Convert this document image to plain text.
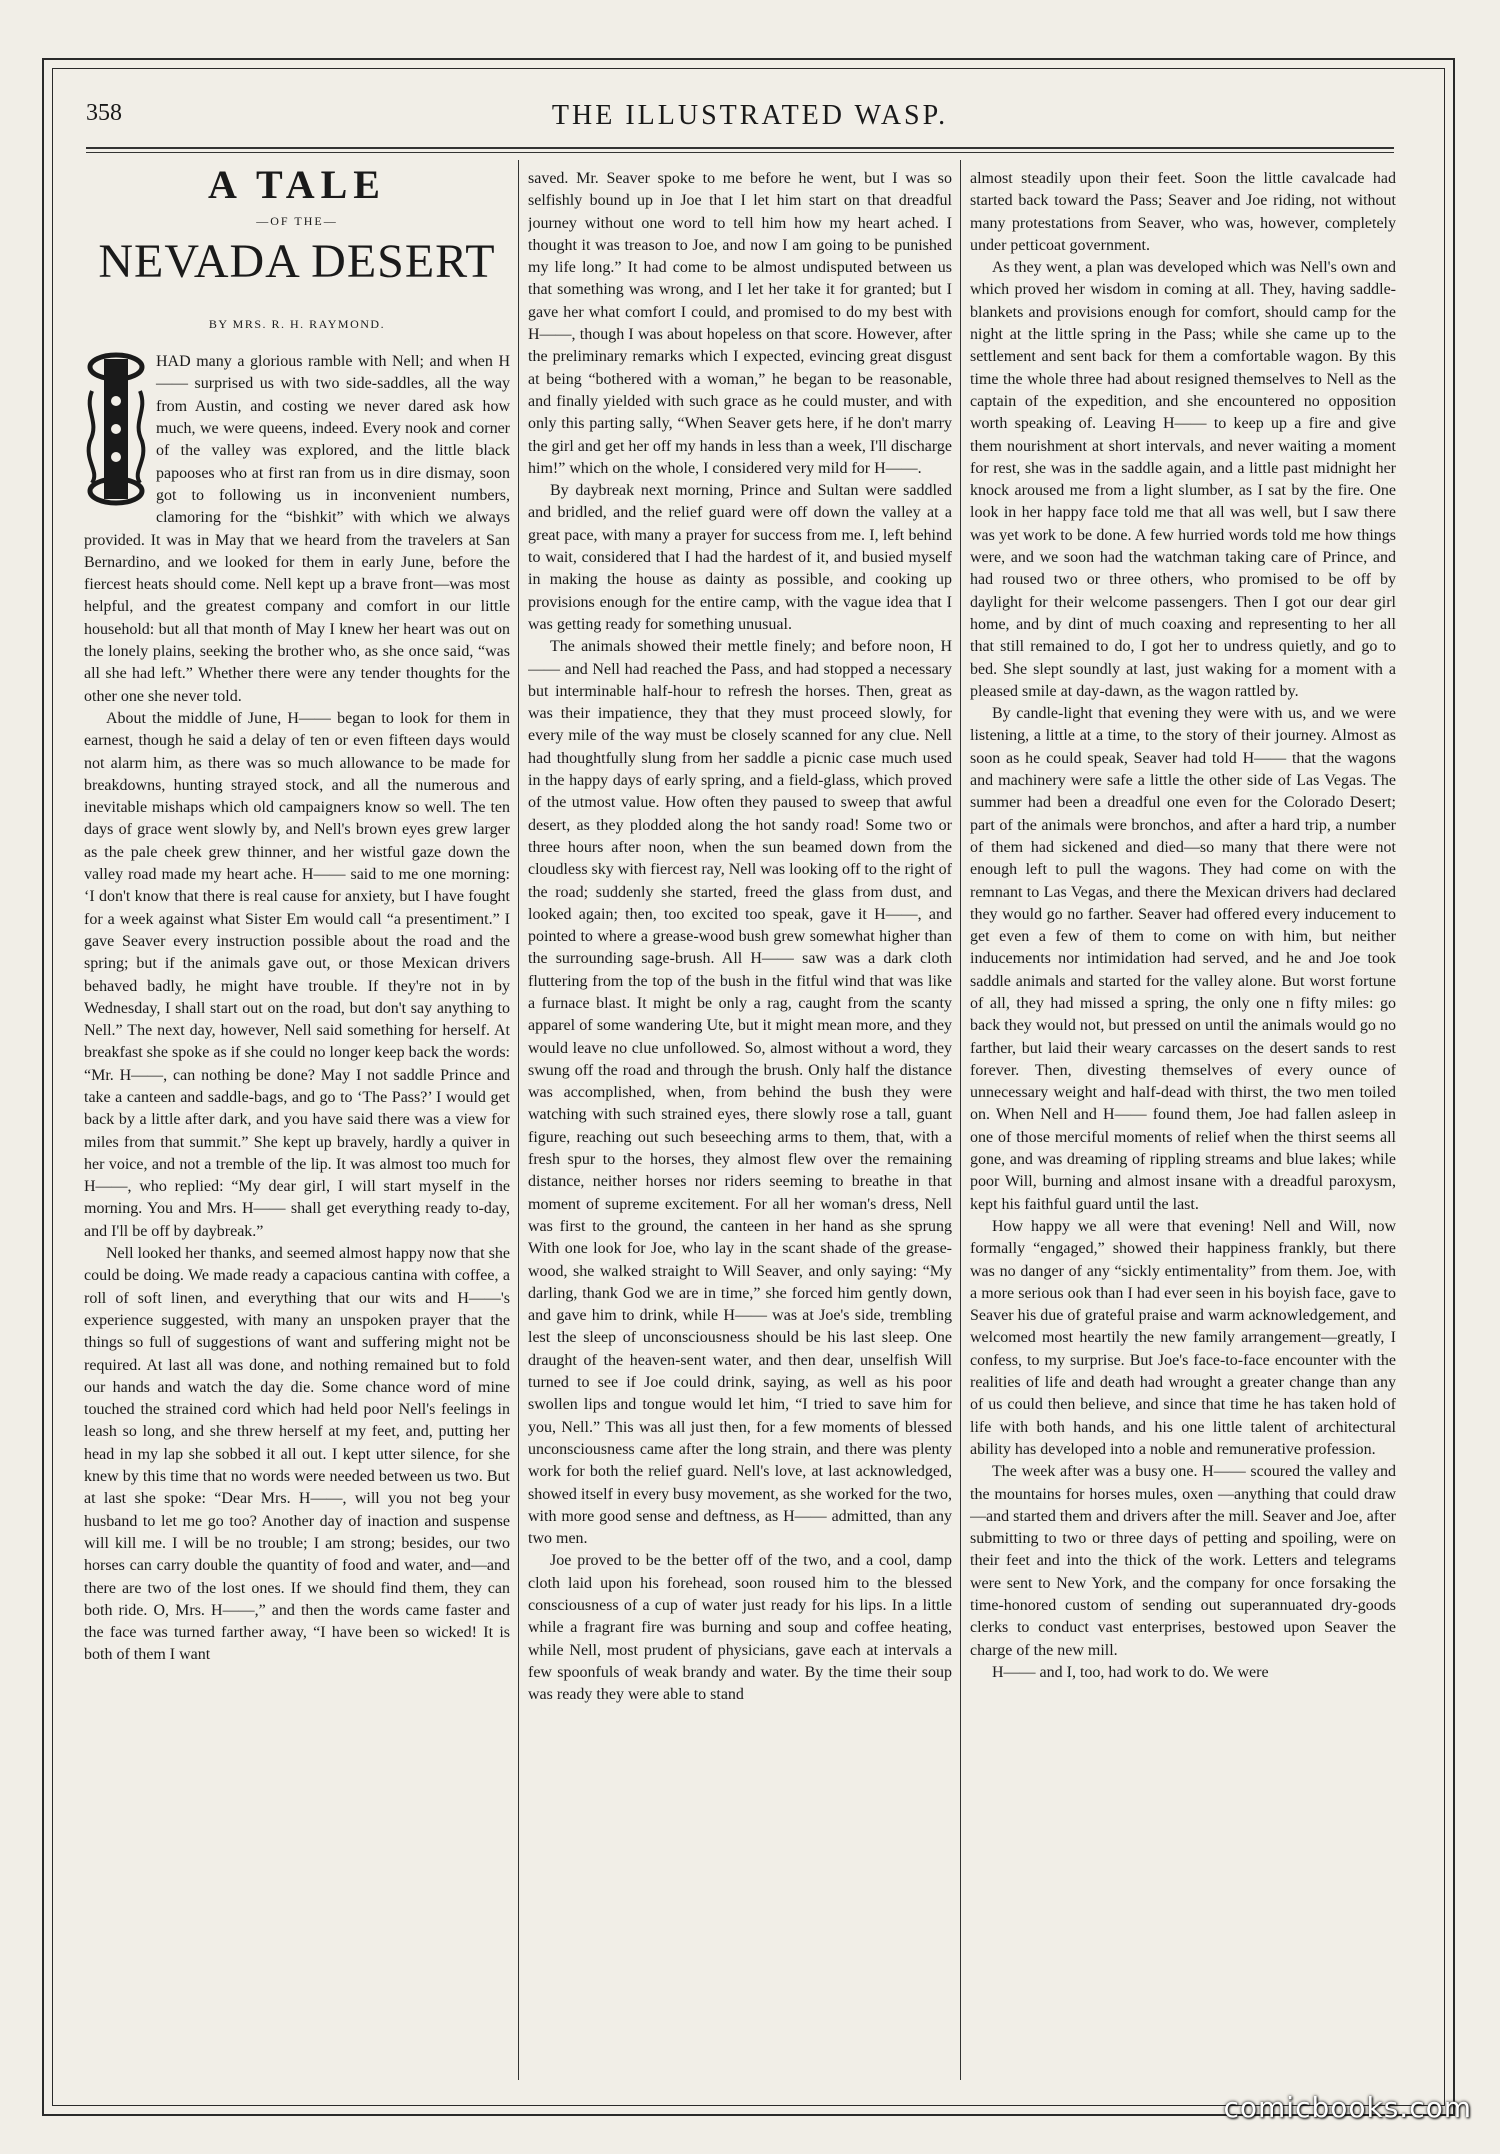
358	THE ILLUSTRATED WASP.
A TALE
—OF THE—
NEVADA DESERT
BY MRS. R. H. RAYMOND.

HAD many a glorious ramble with Nell; and when H—— surprised us with two side-saddles, all the way from Austin, and costing we never dared ask how much, we were queens, indeed. Every nook and corner of the valley was explored, and the little black papooses who at first ran from us in dire dismay, soon got to following us in inconvenient numbers, clamoring for the “bishkit” with which we always provided. It was in May that we heard from the travelers at San Bernardino, and we looked for them in early June, before the fiercest heats should come. Nell kept up a brave front—was most helpful, and the greatest company and comfort in our little household: but all that month of May I knew her heart was out on the lonely plains, seeking the brother who, as she once said, “was all she had left.” Whether there were any tender thoughts for the other one she never told.

About the middle of June, H—— began to look for them in earnest, though he said a delay of ten or even fifteen days would not alarm him, as there was so much allowance to be made for breakdowns, hunting strayed stock, and all the numerous and inevitable mishaps which old campaigners know so well. The ten days of grace went slowly by, and Nell's brown eyes grew larger as the pale cheek grew thinner, and her wistful gaze down the valley road made my heart ache. H—— said to me one morning: ‘I don't know that there is real cause for anxiety, but I have fought for a week against what Sister Em would call “a presentiment.” I gave Seaver every instruction possible about the road and the spring; but if the animals gave out, or those Mexican drivers behaved badly, he might have trouble. If they're not in by Wednesday, I shall start out on the road, but don't say anything to Nell.” The next day, however, Nell said something for herself. At breakfast she spoke as if she could no longer keep back the words: “Mr. H——, can nothing be done? May I not saddle Prince and take a canteen and saddle-bags, and go to ‘The Pass?’ I would get back by a little after dark, and you have said there was a view for miles from that summit.” She kept up bravely, hardly a quiver in her voice, and not a tremble of the lip. It was almost too much for H——, who replied: “My dear girl, I will start myself in the morning. You and Mrs. H—— shall get everything ready to-day, and I'll be off by daybreak.”

Nell looked her thanks, and seemed almost happy now that she could be doing. We made ready a capacious cantina with coffee, a roll of soft linen, and everything that our wits and H——'s experience suggested, with many an unspoken prayer that the things so full of suggestions of want and suffering might not be required. At last all was done, and nothing remained but to fold our hands and watch the day die. Some chance word of mine touched the strained cord which had held poor Nell's feelings in leash so long, and she threw herself at my feet, and, putting her head in my lap she sobbed it all out. I kept utter silence, for she knew by this time that no words were needed between us two. But at last she spoke: “Dear Mrs. H——, will you not beg your husband to let me go too? Another day of inaction and suspense will kill me. I will be no trouble; I am strong; besides, our two horses can carry double the quantity of food and water, and—and there are two of the lost ones. If we should find them, they can both ride. O, Mrs. H——,” and then the words came faster and the face was turned farther away, “I have been so wicked! It is both of them I want

saved. Mr. Seaver spoke to me before he went, but I was so selfishly bound up in Joe that I let him start on that dreadful journey without one word to tell him how my heart ached. I thought it was treason to Joe, and now I am going to be punished my life long.” It had come to be almost undisputed between us that something was wrong, and I let her take it for granted; but I gave her what comfort I could, and promised to do my best with H——, though I was about hopeless on that score. However, after the preliminary remarks which I expected, evincing great disgust at being “bothered with a woman,” he began to be reasonable, and finally yielded with such grace as he could muster, and with only this parting sally, “When Seaver gets here, if he don't marry the girl and get her off my hands in less than a week, I'll discharge him!” which on the whole, I considered very mild for H——.

By daybreak next morning, Prince and Sultan were saddled and bridled, and the relief guard were off down the valley at a great pace, with many a prayer for success from me. I, left behind to wait, considered that I had the hardest of it, and busied myself in making the house as dainty as possible, and cooking up provisions enough for the entire camp, with the vague idea that I was getting ready for something unusual.

The animals showed their mettle finely; and before noon, H—— and Nell had reached the Pass, and had stopped a necessary but interminable half-hour to refresh the horses. Then, great as was their impatience, they that they must proceed slowly, for every mile of the way must be closely scanned for any clue. Nell had thoughtfully slung from her saddle a picnic case much used in the happy days of early spring, and a field-glass, which proved of the utmost value. How often they paused to sweep that awful desert, as they plodded along the hot sandy road! Some two or three hours after noon, when the sun beamed down from the cloudless sky with fiercest ray, Nell was looking off to the right of the road; suddenly she started, freed the glass from dust, and looked again; then, too excited too speak, gave it H——, and pointed to where a grease-wood bush grew somewhat higher than the surrounding sage-brush. All H—— saw was a dark cloth fluttering from the top of the bush in the fitful wind that was like a furnace blast. It might be only a rag, caught from the scanty apparel of some wandering Ute, but it might mean more, and they would leave no clue unfollowed. So, almost without a word, they swung off the road and through the brush. Only half the distance was accomplished, when, from behind the bush they were watching with such strained eyes, there slowly rose a tall, guant figure, reaching out such beseeching arms to them, that, with a fresh spur to the horses, they almost flew over the remaining distance, neither horses nor riders seeming to breathe in that moment of supreme excitement. For all her woman's dress, Nell was first to the ground, the canteen in her hand as she sprung With one look for Joe, who lay in the scant shade of the grease-wood, she walked straight to Will Seaver, and only saying: “My darling, thank God we are in time,” she forced him gently down, and gave him to drink, while H—— was at Joe's side, trembling lest the sleep of unconsciousness should be his last sleep. One draught of the heaven-sent water, and then dear, unselfish Will turned to see if Joe could drink, saying, as well as his poor swollen lips and tongue would let him, “I tried to save him for you, Nell.” This was all just then, for a few moments of blessed unconsciousness came after the long strain, and there was plenty work for both the relief guard. Nell's love, at last acknowledged, showed itself in every busy movement, as she worked for the two, with more good sense and deftness, as H—— admitted, than any two men.

Joe proved to be the better off of the two, and a cool, damp cloth laid upon his forehead, soon roused him to the blessed consciousness of a cup of water just ready for his lips. In a little while a fragrant fire was burning and soup and coffee heating, while Nell, most prudent of physicians, gave each at intervals a few spoonfuls of weak brandy and water. By the time their soup was ready they were able to stand

almost steadily upon their feet. Soon the little cavalcade had started back toward the Pass; Seaver and Joe riding, not without many protestations from Seaver, who was, however, completely under petticoat government.

As they went, a plan was developed which was Nell's own and which proved her wisdom in coming at all. They, having saddle-blankets and provisions enough for comfort, should camp for the night at the little spring in the Pass; while she came up to the settlement and sent back for them a comfortable wagon. By this time the whole three had about resigned themselves to Nell as the captain of the expedition, and she encountered no opposition worth speaking of. Leaving H—— to keep up a fire and give them nourishment at short intervals, and never waiting a moment for rest, she was in the saddle again, and a little past midnight her knock aroused me from a light slumber, as I sat by the fire. One look in her happy face told me that all was well, but I saw there was yet work to be done. A few hurried words told me how things were, and we soon had the watchman taking care of Prince, and had roused two or three others, who promised to be off by daylight for their welcome passengers. Then I got our dear girl home, and by dint of much coaxing and representing to her all that still remained to do, I got her to undress quietly, and go to bed. She slept soundly at last, just waking for a moment with a pleased smile at day-dawn, as the wagon rattled by.

By candle-light that evening they were with us, and we were listening, a little at a time, to the story of their journey. Almost as soon as he could speak, Seaver had told H—— that the wagons and machinery were safe a little the other side of Las Vegas. The summer had been a dreadful one even for the Colorado Desert; part of the animals were bronchos, and after a hard trip, a number of them had sickened and died—so many that there were not enough left to pull the wagons. They had come on with the remnant to Las Vegas, and there the Mexican drivers had declared they would go no farther. Seaver had offered every inducement to get even a few of them to come on with him, but neither inducements nor intimidation had served, and he and Joe took saddle animals and started for the valley alone. But worst fortune of all, they had missed a spring, the only one n fifty miles: go back they would not, but pressed on until the animals would go no farther, but laid their weary carcasses on the desert sands to rest forever. Then, divesting themselves of every ounce of unnecessary weight and half-dead with thirst, the two men toiled on. When Nell and H—— found them, Joe had fallen asleep in one of those merciful moments of relief when the thirst seems all gone, and was dreaming of rippling streams and blue lakes; while poor Will, burning and almost insane with a dreadful paroxysm, kept his faithful guard until the last.

How happy we all were that evening! Nell and Will, now formally “engaged,” showed their happiness frankly, but there was no danger of any “sickly entimentality” from them. Joe, with a more serious ook than I had ever seen in his boyish face, gave to Seaver his due of grateful praise and warm acknowledgement, and welcomed most heartily the new family arrangement—greatly, I confess, to my surprise. But Joe's face-to-face encounter with the realities of life and death had wrought a greater change than any of us could then believe, and since that time he has taken hold of life with both hands, and his one little talent of architectural ability has developed into a noble and remunerative profession.

The week after was a busy one. H—— scoured the valley and the mountains for horses mules, oxen —anything that could draw—and started them and drivers after the mill. Seaver and Joe, after submitting to two or three days of petting and spoiling, were on their feet and into the thick of the work. Letters and telegrams were sent to New York, and the company for once forsaking the time-honored custom of sending out superannuated dry-goods clerks to conduct vast enterprises, bestowed upon Seaver the charge of the new mill.

H—— and I, too, had work to do. We were

comicbooks.com
